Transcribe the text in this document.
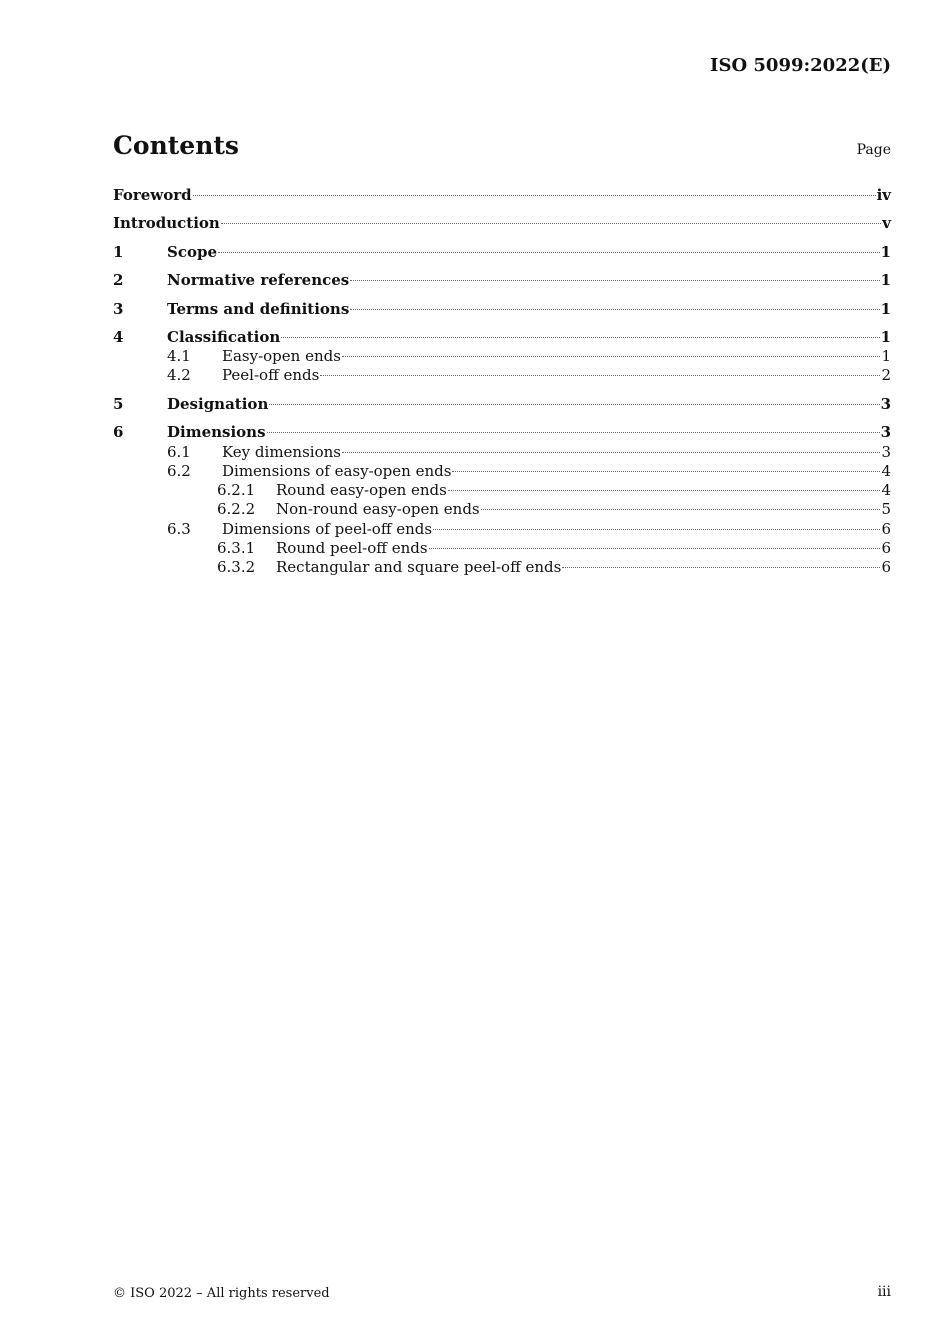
ISO 5099:2022(E)
Contents	Page
Foreword	iv
Introduction	v
1	Scope	1
2	Normative references	1
3	Terms and definitions	1
4	Classification	1
4.1	Easy-open ends	1
4.2	Peel-off ends	2
5	Designation	3
6	Dimensions	3
6.1	Key dimensions	3
6.2	Dimensions of easy-open ends	4
6.2.1	Round easy-open ends	4
6.2.2	Non-round easy-open ends	5
6.3	Dimensions of peel-off ends	6
6.3.1	Round peel-off ends	6
6.3.2	Rectangular and square peel-off ends	6
© ISO 2022 – All rights reserved	iii
